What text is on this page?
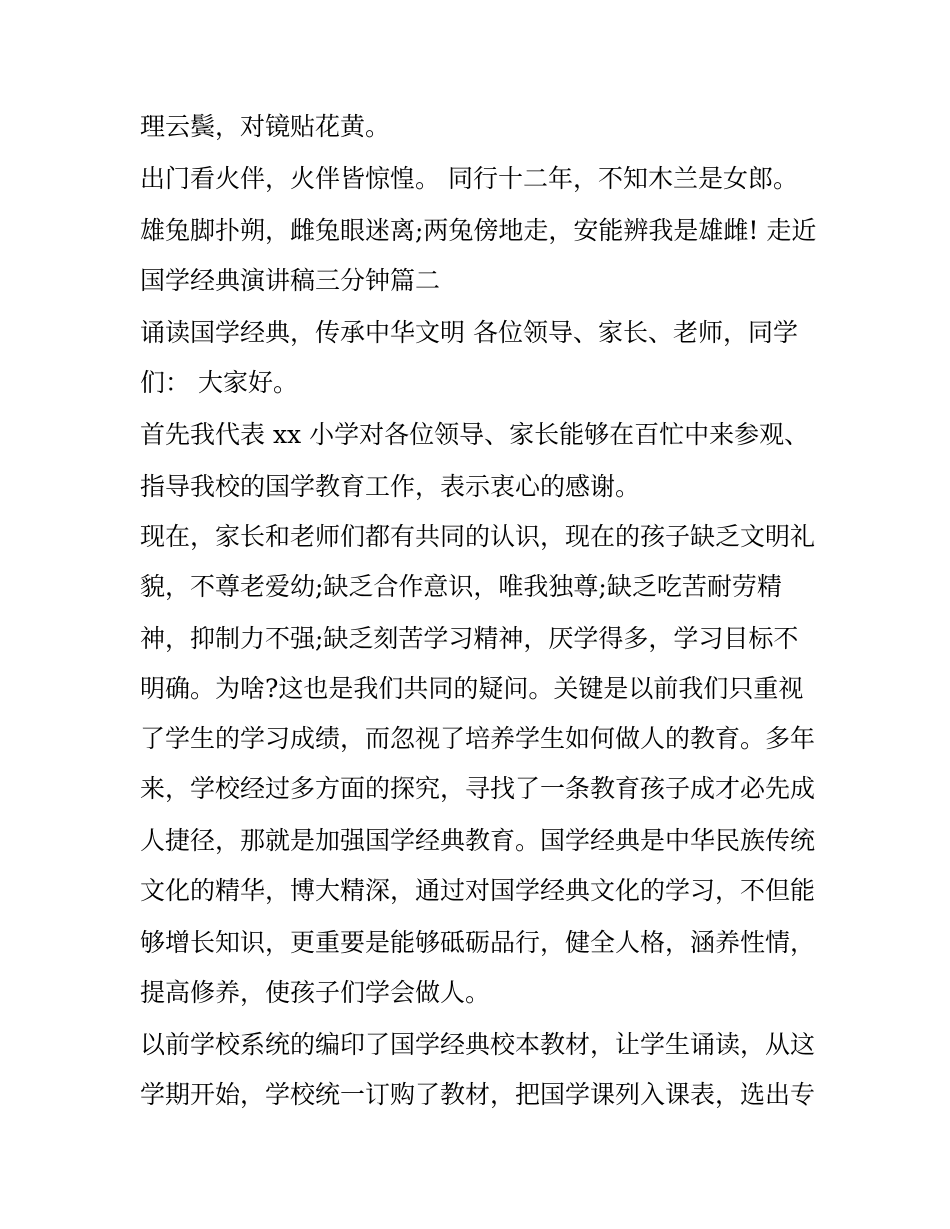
理云鬓，对镜贴花黄。
出门看火伴，火伴皆惊惶。 同行十二年，不知木兰是女郎。
雄兔脚扑朔，雌兔眼迷离;两兔傍地走，安能辨我是雄雌! 走近
国学经典演讲稿三分钟篇二
诵读国学经典，传承中华文明 各位领导、家长、老师，同学
们： 大家好。
首先我代表 xx 小学对各位领导、家长能够在百忙中来参观、
指导我校的国学教育工作，表示衷心的感谢。
现在，家长和老师们都有共同的认识，现在的孩子缺乏文明礼
貌，不尊老爱幼;缺乏合作意识，唯我独尊;缺乏吃苦耐劳精
神，抑制力不强;缺乏刻苦学习精神，厌学得多，学习目标不
明确。为啥?这也是我们共同的疑问。关键是以前我们只重视
了学生的学习成绩，而忽视了培养学生如何做人的教育。多年
来，学校经过多方面的探究，寻找了一条教育孩子成才必先成
人捷径，那就是加强国学经典教育。国学经典是中华民族传统
文化的精华，博大精深，通过对国学经典文化的学习，不但能
够增长知识，更重要是能够砥砺品行，健全人格，涵养性情，
提高修养，使孩子们学会做人。
以前学校系统的编印了国学经典校本教材，让学生诵读，从这
学期开始，学校统一订购了教材，把国学课列入课表，选出专
